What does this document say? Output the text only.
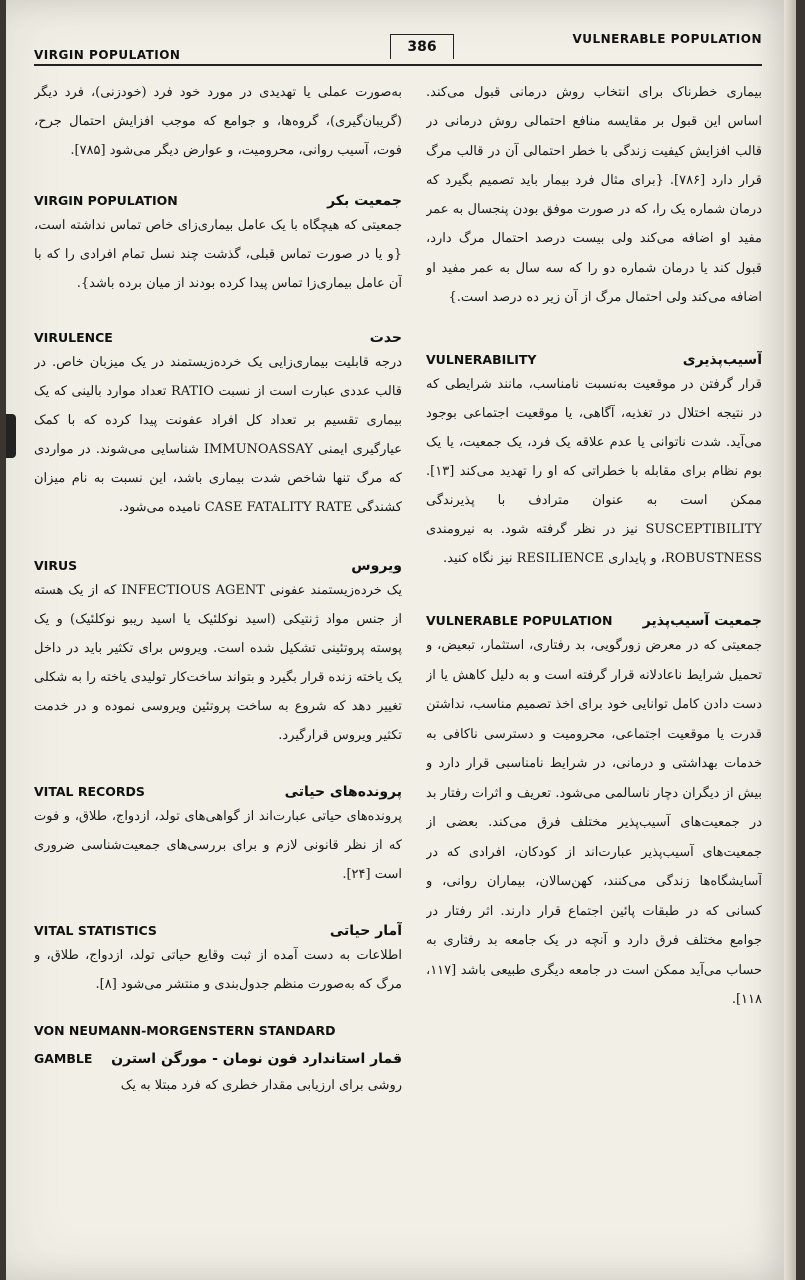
VIRGIN POPULATION	386	VULNERABLE POPULATION

بیماری خطرناک برای انتخاب روش درمانی قبول می‌کند. اساس این قبول بر مقایسه منافع احتمالی روش درمانی در قالب افزایش کیفیت زندگی با خطر احتمالی آن در قالب مرگ قرار دارد [۷۸۶]. {برای مثال فرد بیمار باید تصمیم بگیرد که درمان شماره یک را، که در صورت موفق بودن پنجسال به عمر مفید او اضافه می‌کند ولی بیست درصد احتمال مرگ دارد، قبول کند یا درمان شماره دو را که سه سال به عمر مفید او اضافه می‌کند ولی احتمال مرگ از آن زیر ده درصد است.}

VULNERABILITY	آسیب‌پذیری

قرار گرفتن در موقعیت به‌نسبت نامناسب، مانند شرایطی که در نتیجه اختلال در تغذیه، آگاهی، یا موقعیت اجتماعی بوجود می‌آید. شدت ناتوانی یا عدم علاقه یک فرد، یک جمعیت، یا یک بوم نظام برای مقابله با خطراتی که او را تهدید می‌کند [۱۳]. ممکن است به عنوان مترادف با پذیرندگی SUSCEPTIBILITY نیز در نظر گرفته شود. به نیرومندی ROBUSTNESS، و پایداری RESILIENCE نیز نگاه کنید.

VULNERABLE POPULATION جمعیت آسیب‌پذیر

جمعیتی که در معرض زورگویی، بد رفتاری، استثمار، تبعیض، و تحمیل شرایط ناعادلانه قرار گرفته است و به دلیل کاهش یا از دست دادن کامل توانایی خود برای اخذ تصمیم مناسب، نداشتن قدرت یا موقعیت اجتماعی، محرومیت و دسترسی ناکافی به خدمات بهداشتی و درمانی، در شرایط نامناسبی قرار دارد و بیش از دیگران دچار ناسالمی می‌شود. تعریف و اثرات رفتار بد در جمعیت‌های آسیب‌پذیر مختلف فرق می‌کند. بعضی از جمعیت‌های آسیب‌پذیر عبارت‌اند از کودکان، افرادی که در آسایشگاه‌ها زندگی می‌کنند، کهن‌سالان، بیماران روانی، و کسانی که در طبقات پائین اجتماع قرار دارند. اثر رفتار در جوامع مختلف فرق دارد و آنچه در یک جامعه بد رفتاری به حساب می‌آید ممکن است در جامعه دیگری طبیعی باشد [۱۱۷، ۱۱۸].

به‌صورت عملی یا تهدیدی در مورد خود فرد (خودزنی)، فرد دیگر (گریبان‌گیری)، گروه‌ها، و جوامع که موجب افزایش احتمال جرح، فوت، آسیب روانی، محرومیت، و عوارض دیگر می‌شود [۷۸۵].

VIRGIN POPULATION	جمعیت بکر

جمعیتی که هیچگاه با یک عامل بیماری‌زای خاص تماس نداشته است، {و یا در صورت تماس قبلی، گذشت چند نسل تمام افرادی را که با آن عامل بیماری‌زا تماس پیدا کرده بودند از میان برده باشد}.

VIRULENCE	حدت

درجه قابلیت بیماری‌زایی یک خرده‌زیستمند در یک میزبان خاص. در قالب عددی عبارت است از نسبت RATIO تعداد موارد بالینی که یک بیماری تقسیم بر تعداد کل افراد عفونت پیدا کرده که با کمک عیارگیری ایمنی IMMUNOASSAY شناسایی می‌شوند. در مواردی که مرگ تنها شاخص شدت بیماری باشد، این نسبت به نام میزان کشندگی CASE FATALITY RATE نامیده می‌شود.

VIRUS	ویروس

یک خرده‌زیستمند عفونی INFECTIOUS AGENT که از یک هسته از جنس مواد ژنتیکی (اسید نوکلئیک یا اسید ریبو نوکلئیک) و یک پوسته پروتئینی تشکیل شده است. ویروس برای تکثیر باید در داخل یک یاخته زنده قرار بگیرد و بتواند ساخت‌کار تولیدی یاخته را به شکلی تغییر دهد که شروع به ساخت پروتئین ویروسی نموده و در خدمت تکثیر ویروس قرار‌گیرد.

VITAL RECORDS	پرونده‌های حیاتی

پرونده‌های حیاتی عبارت‌اند از گواهی‌های تولد، ازدواج، طلاق، و فوت که از نظر قانونی لازم و برای بررسی‌های جمعیت‌شناسی ضروری است [۲۴].

VITAL STATISTICS	آمار حیاتی

اطلاعات به دست آمده از ثبت وقایع حیاتی تولد، ازدواج، طلاق، و مرگ که به‌صورت منظم جدول‌بندی و منتشر می‌شود [۸].

VON NEUMANN-MORGENSTERN STANDARD
GAMBLE قمار استاندارد فون نومان - مورگن استرن

روشی برای ارزیابی مقدار خطری که فرد مبتلا به یک
